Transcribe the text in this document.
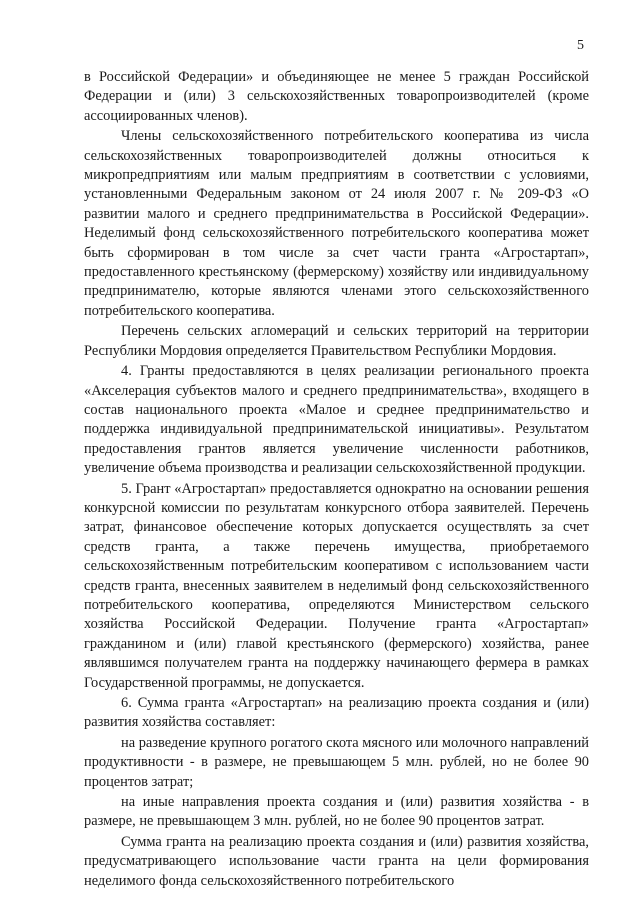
5

в Российской Федерации» и объединяющее не менее 5 граждан Российской Федерации и (или) 3 сельскохозяйственных товаропроизводителей (кроме ассоциированных членов).

Члены сельскохозяйственного потребительского кооператива из числа сельскохозяйственных товаропроизводителей должны относиться к микропредприятиям или малым предприятиям в соответствии с условиями, установленными Федеральным законом от 24 июля 2007 г. № 209-ФЗ «О развитии малого и среднего предпринимательства в Российской Федерации». Неделимый фонд сельскохозяйственного потребительского кооператива может быть сформирован в том числе за счет части гранта «Агростартап», предоставленного крестьянскому (фермерскому) хозяйству или индивидуальному предпринимателю, которые являются членами этого сельскохозяйственного потребительского кооператива.

Перечень сельских агломераций и сельских территорий на территории Республики Мордовия определяется Правительством Республики Мордовия.

4. Гранты предоставляются в целях реализации регионального проекта «Акселерация субъектов малого и среднего предпринимательства», входящего в состав национального проекта «Малое и среднее предпринимательство и поддержка индивидуальной предпринимательской инициативы». Результатом предоставления грантов является увеличение численности работников, увеличение объема производства и реализации сельскохозяйственной продукции.

5. Грант «Агростартап» предоставляется однократно на основании решения конкурсной комиссии по результатам конкурсного отбора заявителей. Перечень затрат, финансовое обеспечение которых допускается осуществлять за счет средств гранта, а также перечень имущества, приобретаемого сельскохозяйственным потребительским кооперативом с использованием части средств гранта, внесенных заявителем в неделимый фонд сельскохозяйственного потребительского кооператива, определяются Министерством сельского хозяйства Российской Федерации. Получение гранта «Агростартап» гражданином и (или) главой крестьянского (фермерского) хозяйства, ранее являвшимся получателем гранта на поддержку начинающего фермера в рамках Государственной программы, не допускается.

6. Сумма гранта «Агростартап» на реализацию проекта создания и (или) развития хозяйства составляет:

на разведение крупного рогатого скота мясного или молочного направлений продуктивности - в размере, не превышающем 5 млн. рублей, но не более 90 процентов затрат;

на иные направления проекта создания и (или) развития хозяйства - в размере, не превышающем 3 млн. рублей, но не более 90 процентов затрат.

Сумма гранта на реализацию проекта создания и (или) развития хозяйства, предусматривающего использование части гранта на цели формирования неделимого фонда сельскохозяйственного потребительского
